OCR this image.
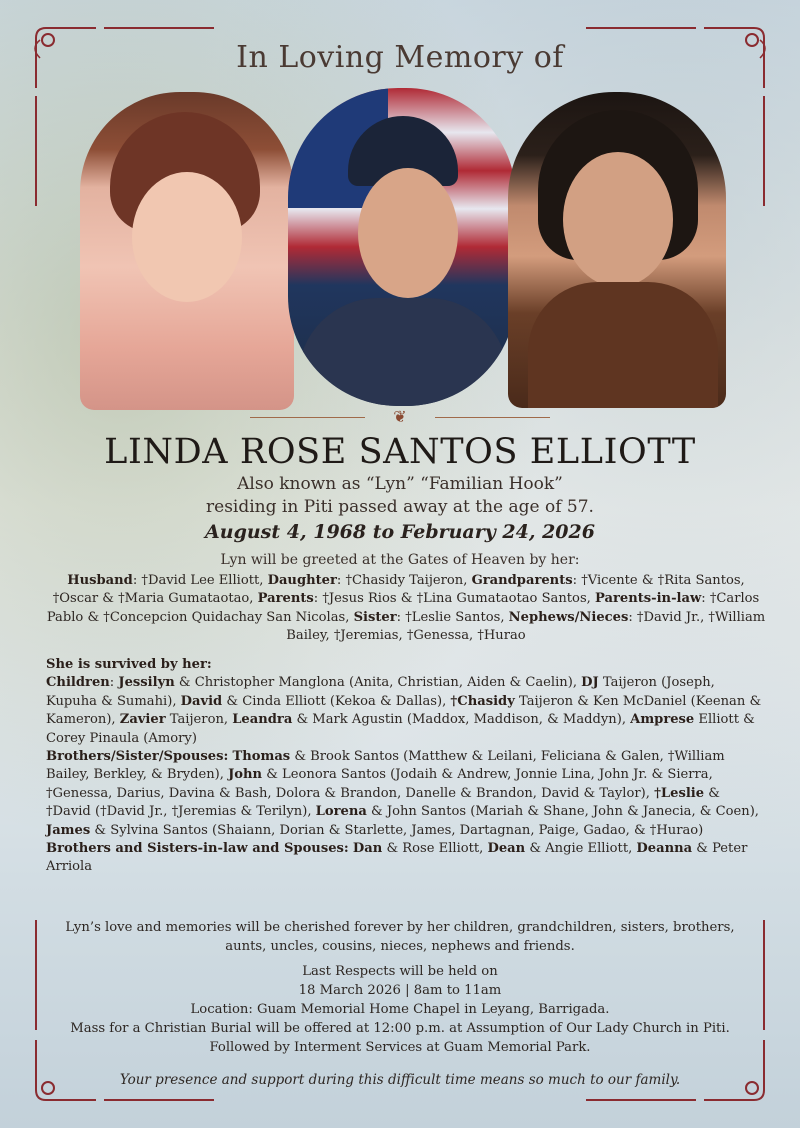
In Loving Memory of
❦
LINDA ROSE SANTOS ELLIOTT
Also known as “Lyn” “Familian Hook”
residing in Piti passed away at the age of 57.
August 4, 1968 to February 24, 2026
Lyn will be greeted at the Gates of Heaven by her:
Husband: †David Lee Elliott, Daughter: †Chasidy Taijeron, Grandparents: †Vicente & †Rita Santos, †Oscar & †Maria Gumataotao, Parents: †Jesus Rios & †Lina Gumataotao Santos, Parents-in-law: †Carlos Pablo & †Concepcion Quidachay San Nicolas, Sister: †Leslie Santos, Nephews/Nieces: †David Jr., †William Bailey, †Jeremias, †Genessa, †Hurao
She is survived by her:
Children: Jessilyn & Christopher Manglona (Anita, Christian, Aiden & Caelin), DJ Taijeron (Joseph, Kupuha & Sumahi), David & Cinda Elliott (Kekoa & Dallas), †Chasidy Taijeron & Ken McDaniel (Keenan & Kameron), Zavier Taijeron, Leandra & Mark Agustin (Maddox, Maddison, & Maddyn), Amprese Elliott & Corey Pinaula (Amory)
Brothers/Sister/Spouses: Thomas & Brook Santos (Matthew & Leilani, Feliciana & Galen, †William Bailey, Berkley, & Bryden), John & Leonora Santos (Jodaih & Andrew, Jonnie Lina, John Jr. & Sierra, †Genessa, Darius, Davina & Bash, Dolora & Brandon, Danelle & Brandon, David & Taylor), †Leslie & †David (†David Jr., †Jeremias & Terilyn), Lorena & John Santos (Mariah & Shane, John & Janecia, & Coen), James & Sylvina Santos (Shaiann, Dorian & Starlette, James, Dartagnan, Paige, Gadao, & †Hurao)
Brothers and Sisters-in-law and Spouses: Dan & Rose Elliott, Dean & Angie Elliott, Deanna & Peter Arriola
Lyn’s love and memories will be cherished forever by her children, grandchildren, sisters, brothers, aunts, uncles, cousins, nieces, nephews and friends.
Last Respects will be held on
18 March 2026 | 8am to 11am
Location: Guam Memorial Home Chapel in Leyang, Barrigada.
Mass for a Christian Burial will be offered at 12:00 p.m. at Assumption of Our Lady Church in Piti. Followed by Interment Services at Guam Memorial Park.
Your presence and support during this difficult time means so much to our family.
